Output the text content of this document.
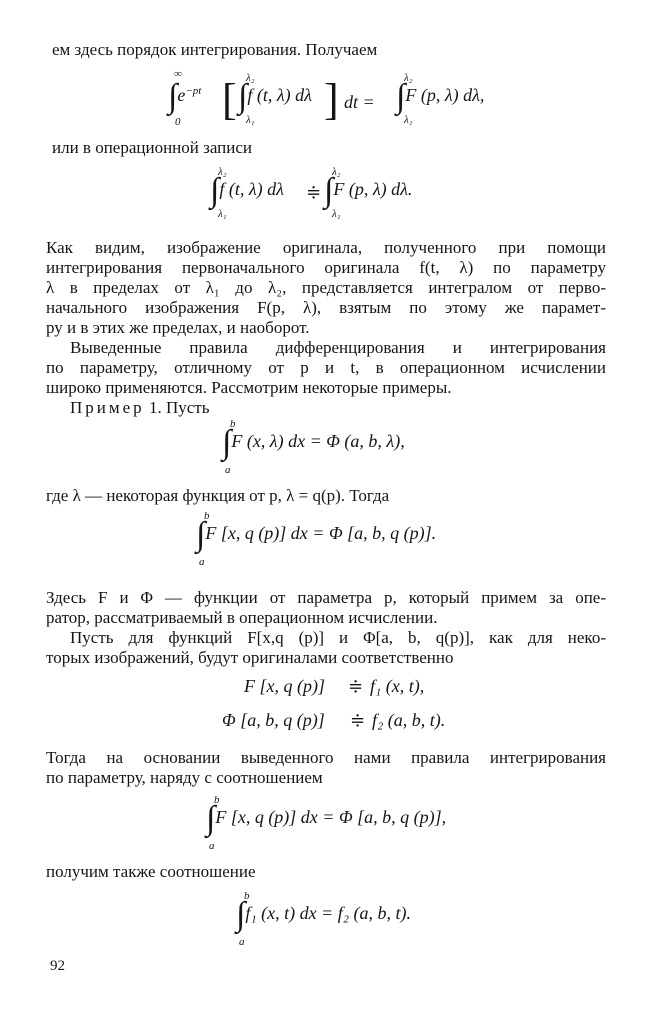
ем здесь порядок интегрирования. Получаем
∞
0
$\int e^{-pt}$ [ λ₂
λ₁
∫f (t, λ) dλ ] dt =
λ₂
λ₁
∫F (p, λ) dλ,
или в операционной записи
λ₂
λ₁
∫f (t, λ) dλ ≑
λ₂
λ₁
∫F (p, λ) dλ.
Как видим, изображение оригинала, полученного при помощи
интегрирования первоначального оригинала f(t, λ) по параметру
λ в пределах от λ₁ до λ₂, представляется интегралом от перво-
начального изображения F(p, λ), взятым по этому же парамет-
ру и в этих же пределах, и наоборот.
Выведенные правила дифференцирования и интегрирования
по параметру, отличному от p и t, в операционном исчислении
широко применяются. Рассмотрим некоторые примеры.
Пример 1. Пусть
b
a
∫F (x, λ) dx = Φ (a, b, λ),
где λ — некоторая функция от p, λ = q(p). Тогда
b
a
∫F [x, q (p)] dx = Φ [a, b, q (p)].
Здесь F и Φ — функции от параметра p, который примем за опе-
ратор, рассматриваемый в операционном исчислении.
Пусть для функций F[x,q (p)] и Φ[a, b, q(p)], как для неко-
торых изображений, будут оригиналами соответственно
F [x, q (p)] ≑ f₁ (x, t),
Φ [a, b, q (p)] ≑ f₂ (a, b, t).
Тогда на основании выведенного нами правила интегрирования
по параметру, наряду с соотношением
b
a
∫F [x, q (p)] dx = Φ [a, b, q (p)],
получим также соотношение
b
a
∫f₁ (x, t) dx = f₂ (a, b, t).
92
